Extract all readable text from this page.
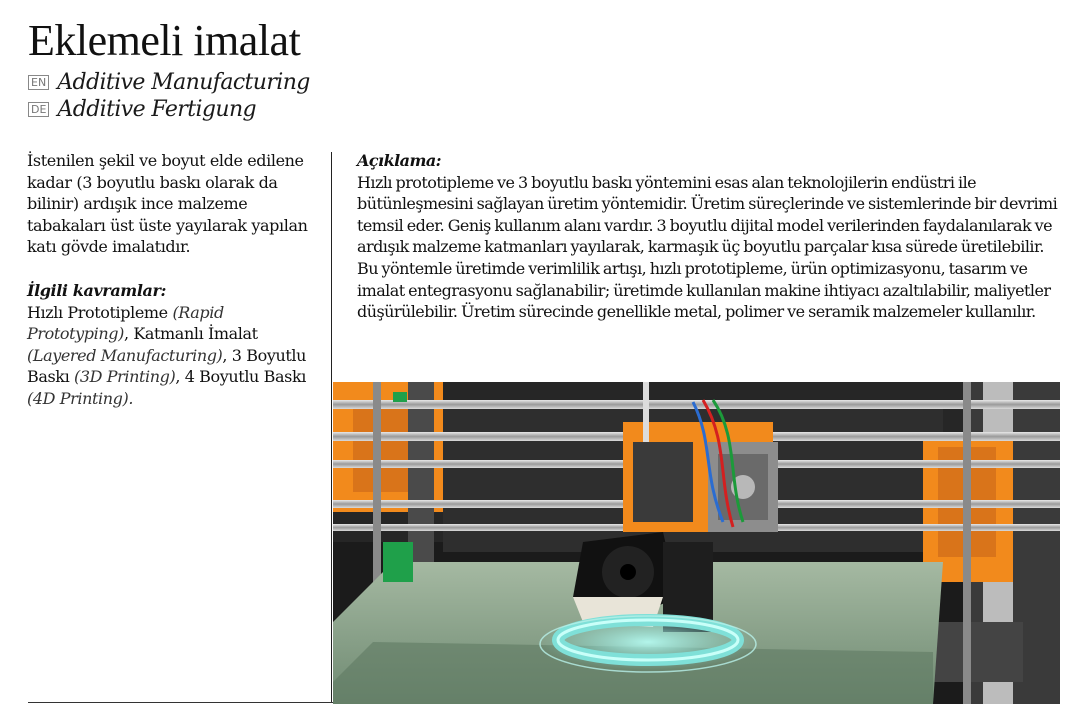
Eklemeli imalat
EN Additive Manufacturing
DE Additive Fertigung

İstenilen şekil ve boyut elde edilene kadar (3 boyutlu baskı olarak da bilinir) ardışık ince malzeme tabakaları üst üste yayılarak yapılan katı gövde imalatıdır.

İlgili kavramlar:

Hızlı Prototipleme (Rapid Prototyping), Katmanlı İmalat (Layered Manufacturing), 3 Boyutlu Baskı (3D Printing), 4 Boyutlu Baskı (4D Printing).

Açıklama:

Hızlı prototipleme ve 3 boyutlu baskı yöntemini esas alan teknolojilerin endüstri ile bütünleşmesini sağlayan üretim yöntemidir. Üretim süreçlerinde ve sistemlerinde bir devrimi temsil eder. Geniş kullanım alanı vardır. 3 boyutlu dijital model verilerinden faydalanılarak ve ardışık malzeme katmanları yayılarak, karmaşık üç boyutlu parçalar kısa sürede üretilebilir. Bu yöntemle üretimde verimlilik artışı, hızlı prototipleme, ürün optimizasyonu, tasarım ve imalat entegrasyonu sağlanabilir; üretimde kullanılan makine ihtiyacı azaltılabilir, maliyetler düşürülebilir. Üretim sürecinde genellikle metal, polimer ve seramik malzemeler kullanılır.
